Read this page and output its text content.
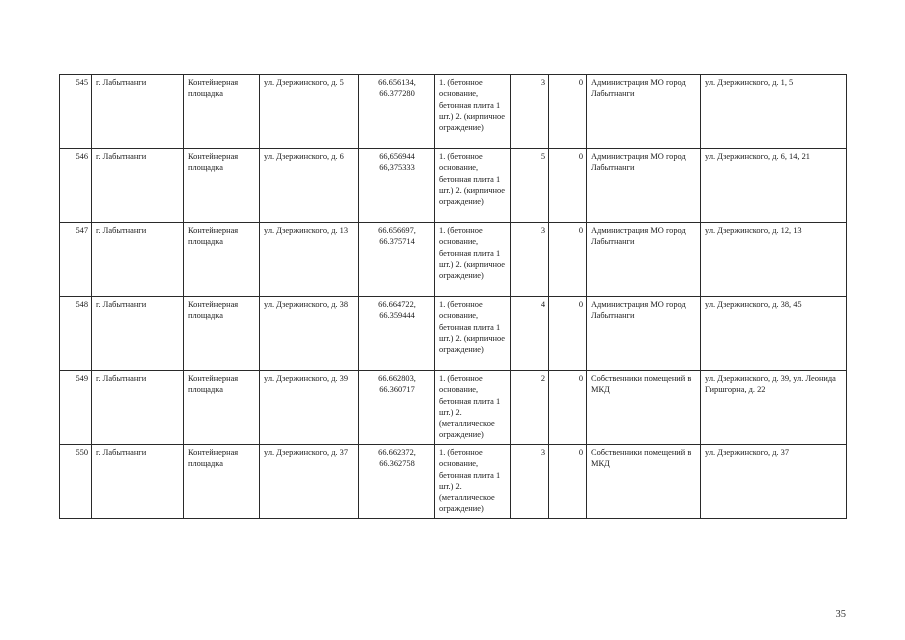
545	г. Лабытнанги	Контейнерная площадка	ул. Дзержинского, д. 5	66.656134, 66.377280	1. (бетонное основание, бетонная плита 1 шт.) 2. (кирпичное ограждение)	3	0	Администрация МО город Лабытнанги	ул. Дзержинского, д. 1, 5
546	г. Лабытнанги	Контейнерная площадка	ул. Дзержинского, д. 6	66,656944 66,375333	1. (бетонное основание, бетонная плита 1 шт.) 2. (кирпичное ограждение)	5	0	Администрация МО город Лабытнанги	ул. Дзержинского, д. 6, 14, 21
547	г. Лабытнанги	Контейнерная площадка	ул. Дзержинского, д. 13	66.656697, 66.375714	1. (бетонное основание, бетонная плита 1 шт.) 2. (кирпичное ограждение)	3	0	Администрация МО город Лабытнанги	ул. Дзержинского, д. 12, 13
548	г. Лабытнанги	Контейнерная площадка	ул. Дзержинского, д. 38	66.664722, 66.359444	1. (бетонное основание, бетонная плита 1 шт.) 2. (кирпичное ограждение)	4	0	Администрация МО город Лабытнанги	ул. Дзержинского, д. 38, 45
549	г. Лабытнанги	Контейнерная площадка	ул. Дзержинского, д. 39	66.662803, 66.360717	1. (бетонное основание, бетонная плита 1 шт.) 2. (металлическое ограждение)	2	0	Собственники помещений в МКД	ул. Дзержинского, д. 39, ул. Леонида Гиршгорна, д. 22
550	г. Лабытнанги	Контейнерная площадка	ул. Дзержинского, д. 37	66.662372, 66.362758	1. (бетонное основание, бетонная плита 1 шт.) 2. (металлическое ограждение)	3	0	Собственники помещений в МКД	ул. Дзержинского, д. 37
35
